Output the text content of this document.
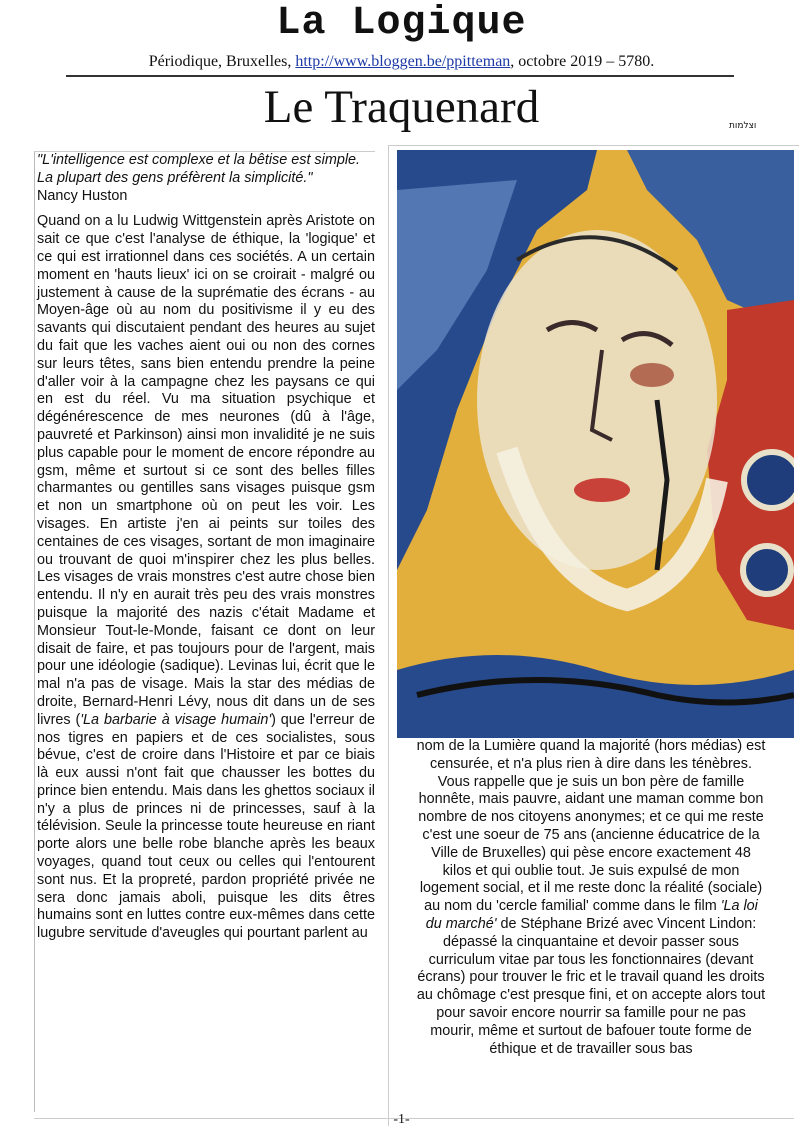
La Logique
Périodique, Bruxelles, http://www.bloggen.be/ppitteman, octobre 2019 – 5780.
Le Traquenard	וצלמות
"L'intelligence est complexe et la bêtise est simple. La plupart des gens préfèrent la simplicité."
Nancy Huston
Quand on a lu Ludwig Wittgenstein après Aristote on sait ce que c'est l'analyse de éthique, la 'logique' et ce qui est irrationnel dans ces sociétés. A un certain moment en 'hauts lieux' ici on se croirait - malgré ou justement à cause de la suprématie des écrans - au Moyen-âge où au nom du positivisme il y eu des savants qui discutaient pendant des heures au sujet du fait que les vaches aient oui ou non des cornes sur leurs têtes, sans bien entendu prendre la peine d'aller voir à la campagne chez les paysans ce qui en est du réel. Vu ma situation psychique et dégénérescence de mes neurones (dû à l'âge, pauvreté et Parkinson) ainsi mon invalidité je ne suis plus capable pour le moment de encore répondre au gsm, même et surtout si ce sont des belles filles charmantes ou gentilles sans visages puisque gsm et non un smartphone où on peut les voir. Les visages. En artiste j'en ai peints sur toiles des centaines de ces visages, sortant de mon imaginaire ou trouvant de quoi m'inspirer chez les plus belles. Les visages de vrais monstres c'est autre chose bien entendu. Il n'y en aurait très peu des vrais monstres puisque la majorité des nazis c'était Madame et Monsieur Tout-le-Monde, faisant ce dont on leur disait de faire, et pas toujours pour de l'argent, mais pour une idéologie (sadique). Levinas lui, écrit que le mal n'a pas de visage. Mais la star des médias de droite, Bernard-Henri Lévy, nous dit dans un de ses livres ('La barbarie à visage humain') que l'erreur de nos tigres en papiers et de ces socialistes, sous bévue, c'est de croire dans l'Histoire et par ce biais là eux aussi n'ont fait que chausser les bottes du prince bien entendu. Mais dans les ghettos sociaux il n'y a plus de princes ni de princesses, sauf à la télévision. Seule la princesse toute heureuse en riant porte alors une belle robe blanche après les beaux voyages, quand tout ceux ou celles qui l'entourent sont nus. Et la propreté, pardon propriété privée ne sera donc jamais aboli, puisque les dits êtres humains sont en luttes contre eux-mêmes dans cette lugubre servitude d'aveugles qui pourtant parlent au
nom de la Lumière quand la majorité (hors médias) est censurée, et n'a plus rien à dire dans les ténèbres. Vous rappelle que je suis un bon père de famille honnête, mais pauvre, aidant une maman comme bon nombre de nos citoyens anonymes; et ce qui me reste c'est une soeur de 75 ans (ancienne éducatrice de la Ville de Bruxelles) qui pèse encore exactement 48 kilos et qui oublie tout. Je suis expulsé de mon logement social, et il me reste donc la réalité (sociale) au nom du 'cercle familial' comme dans le film 'La loi du marché' de Stéphane Brizé avec Vincent Lindon: dépassé la cinquantaine et devoir passer sous curriculum vitae par tous les fonctionnaires (devant écrans) pour trouver le fric et le travail quand les droits au chômage c'est presque fini, et on accepte alors tout pour savoir encore nourrir sa famille pour ne pas mourir, même et surtout de bafouer toute forme de éthique et de travailler sous bas
-1-
